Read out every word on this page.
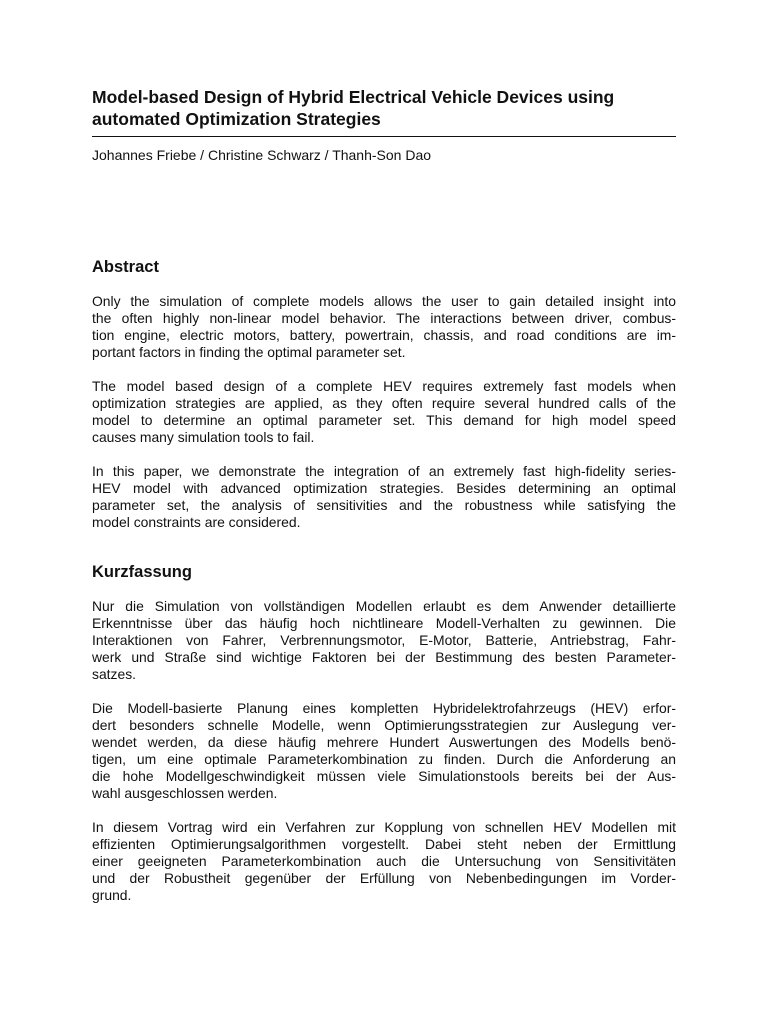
Model-based Design of Hybrid Electrical Vehicle Devices using
automated Optimization Strategies

Johannes Friebe / Christine Schwarz / Thanh-Son Dao

Abstract
Only the simulation of complete models allows the user to gain detailed insight into
the often highly non-linear model behavior. The interactions between driver, combus-
tion engine, electric motors, battery, powertrain, chassis, and road conditions are im-
portant factors in finding the optimal parameter set.
The model based design of a complete HEV requires extremely fast models when
optimization strategies are applied, as they often require several hundred calls of the
model to determine an optimal parameter set. This demand for high model speed
causes many simulation tools to fail.
In this paper, we demonstrate the integration of an extremely fast high-fidelity series-
HEV model with advanced optimization strategies. Besides determining an optimal
parameter set, the analysis of sensitivities and the robustness while satisfying the
model constraints are considered.
Kurzfassung
Nur die Simulation von vollständigen Modellen erlaubt es dem Anwender detaillierte
Erkenntnisse über das häufig hoch nichtlineare Modell-Verhalten zu gewinnen. Die
Interaktionen von Fahrer, Verbrennungsmotor, E-Motor, Batterie, Antriebstrag, Fahr-
werk und Straße sind wichtige Faktoren bei der Bestimmung des besten Parameter-
satzes.
Die Modell-basierte Planung eines kompletten Hybridelektrofahrzeugs (HEV) erfor-
dert besonders schnelle Modelle, wenn Optimierungsstrategien zur Auslegung ver-
wendet werden, da diese häufig mehrere Hundert Auswertungen des Modells benö-
tigen, um eine optimale Parameterkombination zu finden. Durch die Anforderung an
die hohe Modellgeschwindigkeit müssen viele Simulationstools bereits bei der Aus-
wahl ausgeschlossen werden.
In diesem Vortrag wird ein Verfahren zur Kopplung von schnellen HEV Modellen mit
effizienten Optimierungsalgorithmen vorgestellt. Dabei steht neben der Ermittlung
einer geeigneten Parameterkombination auch die Untersuchung von Sensitivitäten
und der Robustheit gegenüber der Erfüllung von Nebenbedingungen im Vorder-
grund.
